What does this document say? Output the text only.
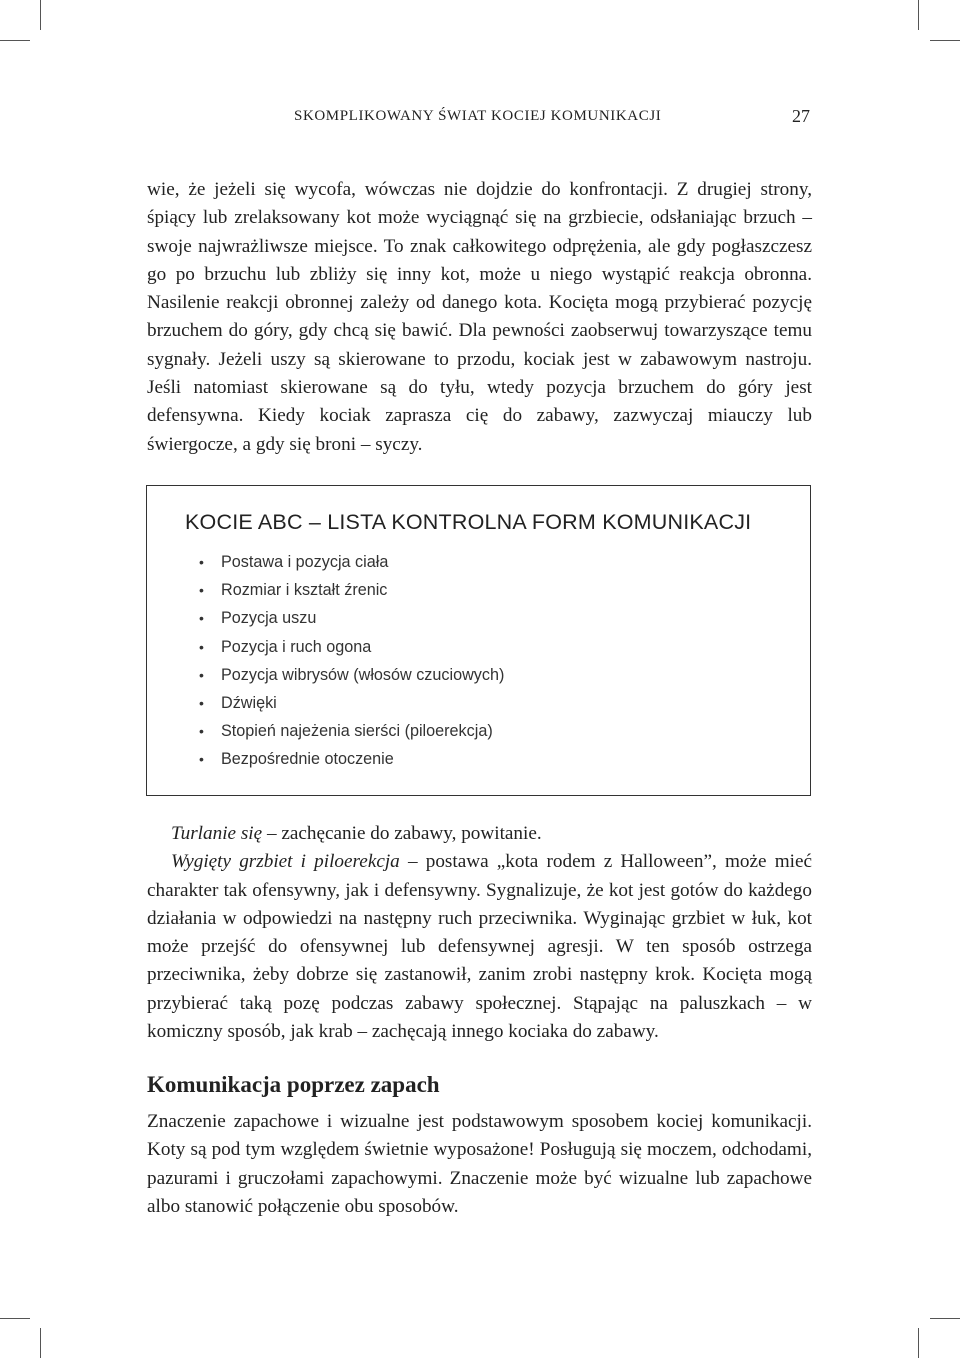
SKOMPLIKOWANY ŚWIAT KOCIEJ KOMUNIKACJI	27

wie, że jeżeli się wycofa, wówczas nie dojdzie do konfrontacji. Z drugiej strony, śpiący lub zrelaksowany kot może wyciągnąć się na grzbiecie, odsłaniając brzuch – swoje najwrażliwsze miejsce. To znak całkowitego odprężenia, ale gdy pogłaszczesz go po brzuchu lub zbliży się inny kot, może u niego wystąpić reakcja obronna. Nasilenie reakcji obronnej zależy od danego kota. Kocięta mogą przybierać pozycję brzuchem do góry, gdy chcą się bawić. Dla pewności zaobserwuj towarzyszące temu sygnały. Jeżeli uszy są skierowane to przodu, kociak jest w zabawowym nastroju. Jeśli natomiast skierowane są do tyłu, wtedy pozycja brzuchem do góry jest defensywna. Kiedy kociak zaprasza cię do zabawy, zazwyczaj miauczy lub świergocze, a gdy się broni – syczy.

KOCIE ABC – LISTA KONTROLNA FORM KOMUNIKACJI
• Postawa i pozycja ciała
• Rozmiar i kształt źrenic
• Pozycja uszu
• Pozycja i ruch ogona
• Pozycja wibrysów (włosów czuciowych)
• Dźwięki
• Stopień najeżenia sierści (piloerekcja)
• Bezpośrednie otoczenie

Turlanie się – zachęcanie do zabawy, powitanie.

Wygięty grzbiet i piloerekcja – postawa „kota rodem z Halloween”, może mieć charakter tak ofensywny, jak i defensywny. Sygnalizuje, że kot jest gotów do każdego działania w odpowiedzi na następny ruch przeciwnika. Wyginając grzbiet w łuk, kot może przejść do ofensywnej lub defensywnej agresji. W ten sposób ostrzega przeciwnika, żeby dobrze się zastanowił, zanim zrobi następny krok. Kocięta mogą przybierać taką pozę podczas zabawy społecznej. Stąpając na paluszkach – w komiczny sposób, jak krab – zachęcają innego kociaka do zabawy.

Komunikacja poprzez zapach

Znaczenie zapachowe i wizualne jest podstawowym sposobem kociej komunikacji. Koty są pod tym względem świetnie wyposażone! Posługują się moczem, odchodami, pazurami i gruczołami zapachowymi. Znaczenie może być wizualne lub zapachowe albo stanowić połączenie obu sposobów.
